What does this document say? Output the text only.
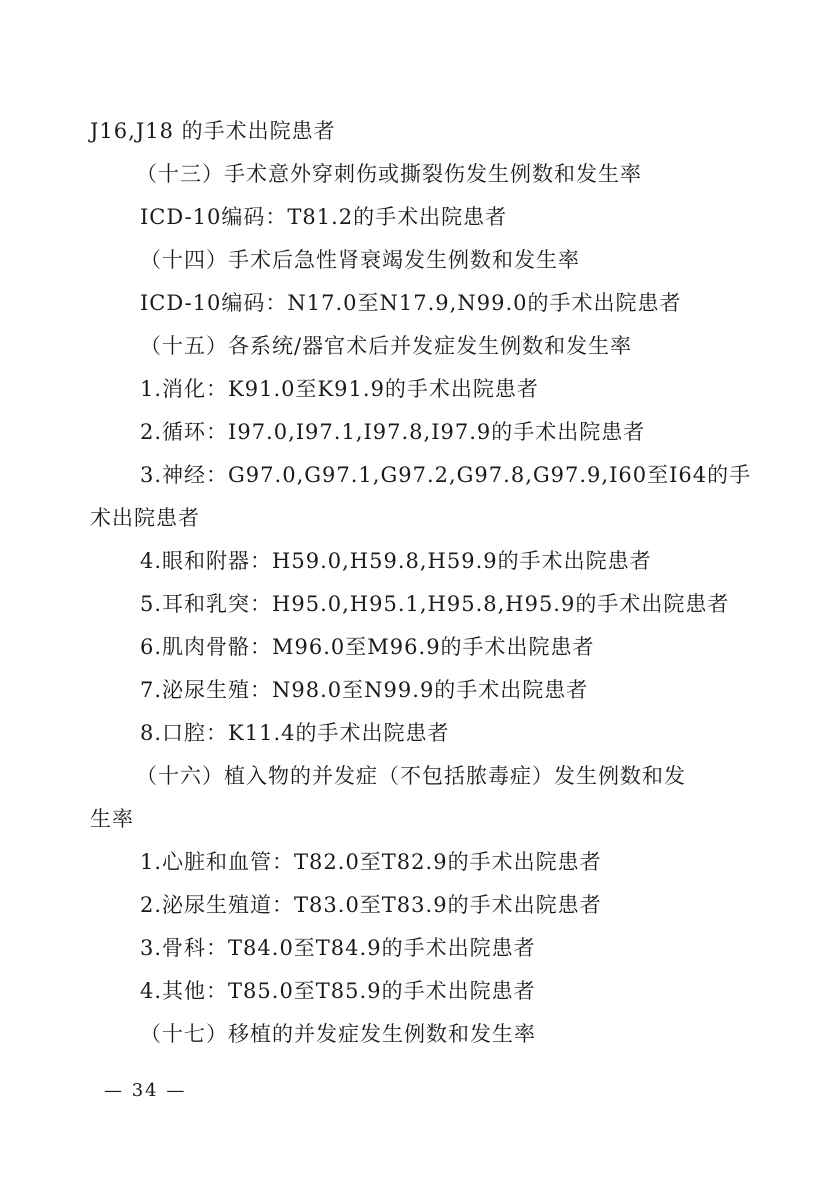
J16,J18 的手术出院患者
（十三）手术意外穿刺伤或撕裂伤发生例数和发生率
ICD-10编码：T81.2的手术出院患者
（十四）手术后急性肾衰竭发生例数和发生率
ICD-10编码：N17.0至N17.9,N99.0的手术出院患者
（十五）各系统/器官术后并发症发生例数和发生率
1.消化：K91.0至K91.9的手术出院患者
2.循环：I97.0,I97.1,I97.8,I97.9的手术出院患者
3.神经：G97.0,G97.1,G97.2,G97.8,G97.9,I60至I64的手
术出院患者
4.眼和附器：H59.0,H59.8,H59.9的手术出院患者
5.耳和乳突：H95.0,H95.1,H95.8,H95.9的手术出院患者
6.肌肉骨骼：M96.0至M96.9的手术出院患者
7.泌尿生殖：N98.0至N99.9的手术出院患者
8.口腔：K11.4的手术出院患者
（十六）植入物的并发症（不包括脓毒症）发生例数和发
生率
1.心脏和血管：T82.0至T82.9的手术出院患者
2.泌尿生殖道：T83.0至T83.9的手术出院患者
3.骨科：T84.0至T84.9的手术出院患者
4.其他：T85.0至T85.9的手术出院患者
（十七）移植的并发症发生例数和发生率
— 34 —
